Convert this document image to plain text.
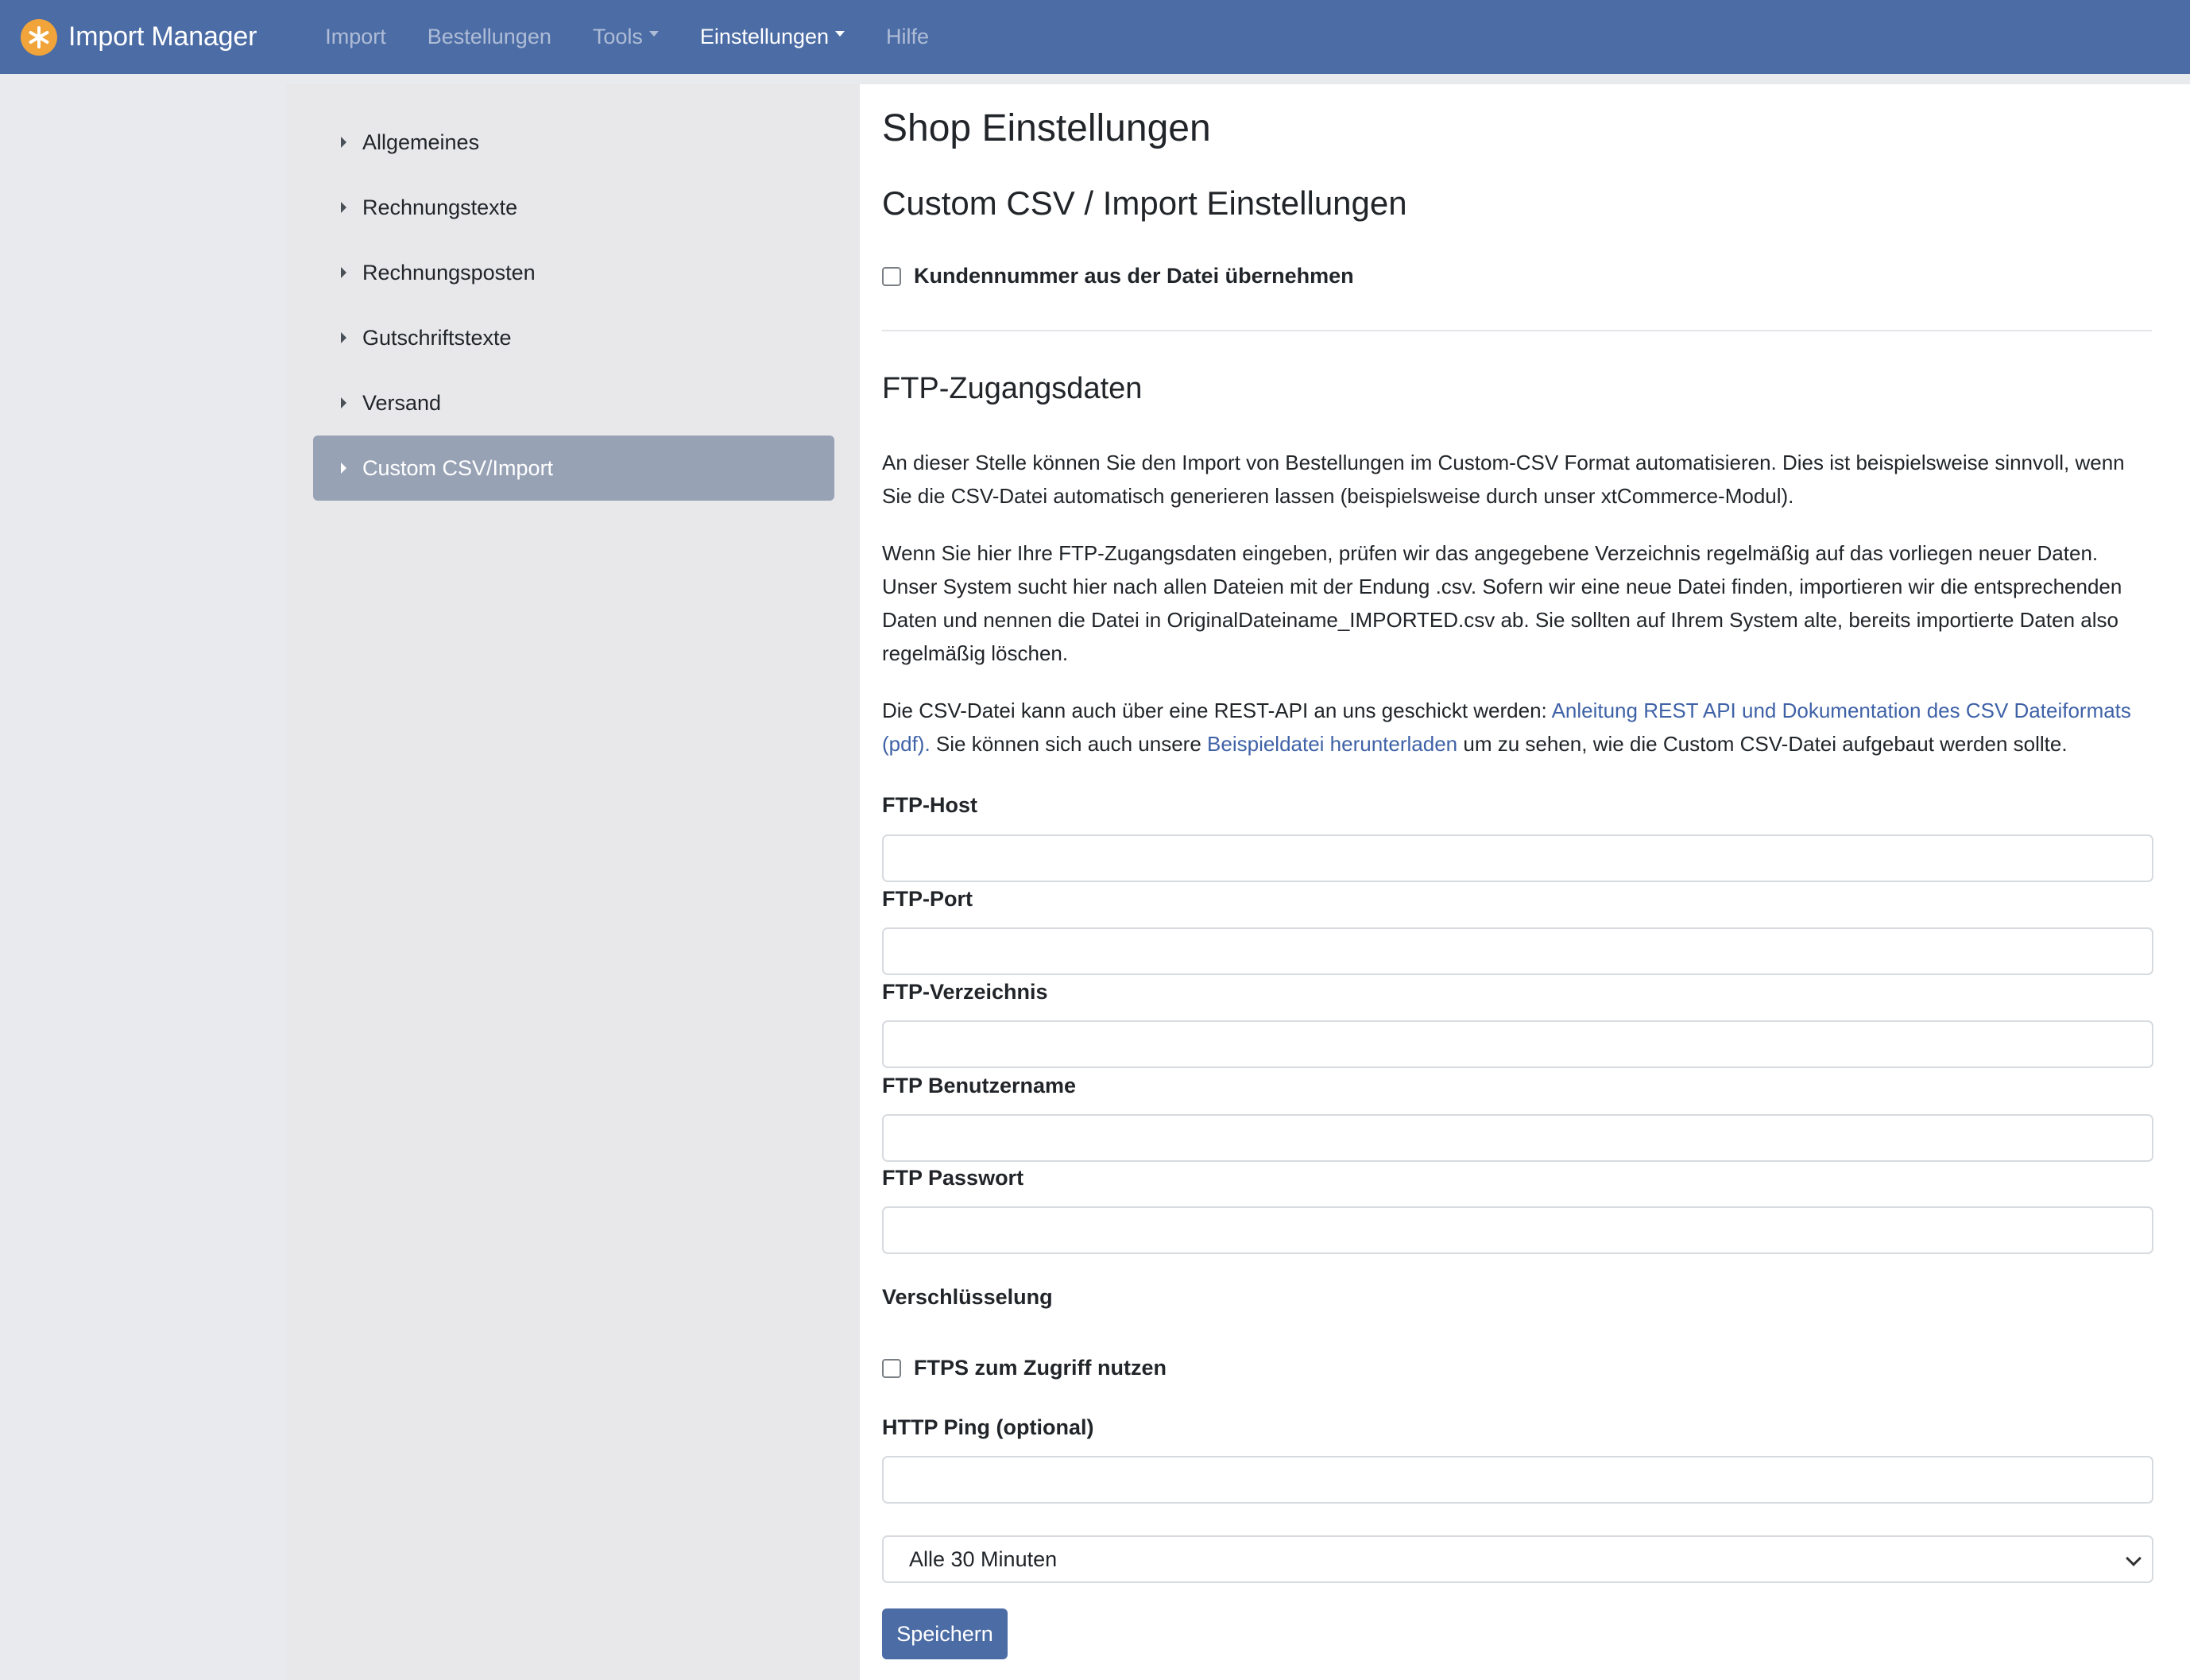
Import Manager	Import Bestellungen Tools	Einstellungen	Hilfe
Allgemeines
Rechnungstexte
Rechnungsposten
Gutschriftstexte
Versand
Custom CSV/Import
Shop Einstellungen
Custom CSV / Import Einstellungen
Kundennummer aus der Datei übernehmen
FTP-Zugangsdaten

An dieser Stelle können Sie den Import von Bestellungen im Custom-CSV Format automatisieren. Dies ist beispielsweise sinnvoll, wenn Sie die CSV-Datei automatisch generieren lassen (beispielsweise durch unser xtCommerce-Modul).

Wenn Sie hier Ihre FTP-Zugangsdaten eingeben, prüfen wir das angegebene Verzeichnis regelmäßig auf das vorliegen neuer Daten. Unser System sucht hier nach allen Dateien mit der Endung .csv. Sofern wir eine neue Datei finden, importieren wir die entsprechenden Daten und nennen die Datei in OriginalDateiname_IMPORTED.csv ab. Sie sollten auf Ihrem System alte, bereits importierte Daten also regelmäßig löschen.

Die CSV-Datei kann auch über eine REST-API an uns geschickt werden: Anleitung REST API und Dokumentation des CSV Dateiformats (pdf). Sie können sich auch unsere Beispieldatei herunterladen um zu sehen, wie die Custom CSV-Datei aufgebaut werden sollte.

FTP-Host
FTP-Port
FTP-Verzeichnis
FTP Benutzername
FTP Passwort
Verschlüsselung
FTPS zum Zugriff nutzen
HTTP Ping (optional)
Alle 30 Minuten
Speichern
